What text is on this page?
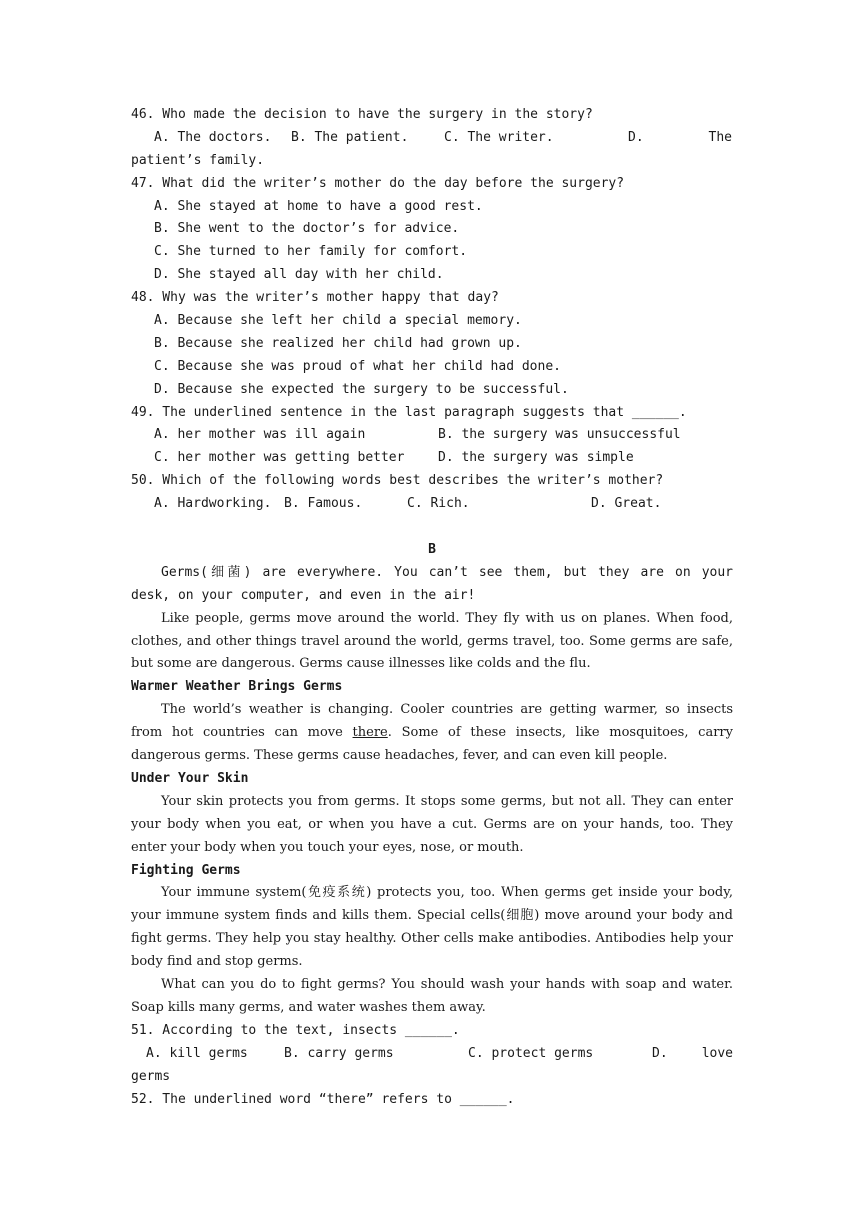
46. Who made the decision to have the surgery in the story?
A. The doctors.	B. The patient.	C. The writer.	D.	The
patient’s family.
47. What did the writer’s mother do the day before the surgery?
A. She stayed at home to have a good rest.
B. She went to the doctor’s for advice.
C. She turned to her family for comfort.
D. She stayed all day with her child.
48. Why was the writer’s mother happy that day?
A. Because she left her child a special memory.
B. Because she realized her child had grown up.
C. Because she was proud of what her child had done.
D. Because she expected the surgery to be successful.
49. The underlined sentence in the last paragraph suggests that ______.
A. her mother was ill again	B. the surgery was unsuccessful
C. her mother was getting better	D. the surgery was simple
50. Which of the following words best describes the writer’s mother?
A. Hardworking. B. Famous.	C. Rich.	D. Great.
B

Germs(细菌) are everywhere. You can’t see them, but they are on your desk, on your computer, and even in the air!

Like people, germs move around the world. They fly with us on planes. When food, clothes, and other things travel around the world, germs travel, too. Some germs are safe, but some are dangerous. Germs cause illnesses like colds and the flu.

Warmer Weather Brings Germs

The world’s weather is changing. Cooler countries are getting warmer, so insects from hot countries can move there. Some of these insects, like mosquitoes, carry dangerous germs. These germs cause headaches, fever, and can even kill people.

Under Your Skin

Your skin protects you from germs. It stops some germs, but not all. They can enter your body when you eat, or when you have a cut. Germs are on your hands, too. They enter your body when you touch your eyes, nose, or mouth.

Fighting Germs

Your immune system(免疫系统) protects you, too. When germs get inside your body, your immune system finds and kills them. Special cells(细胞) move around your body and fight germs. They help you stay healthy. Other cells make antibodies. Antibodies help your body find and stop germs.

What can you do to fight germs? You should wash your hands with soap and water. Soap kills many germs, and water washes them away.

51. According to the text, insects ______.
A. kill germs	B. carry germs	C. protect germs	D.	love
germs
52. The underlined word “there” refers to ______.
